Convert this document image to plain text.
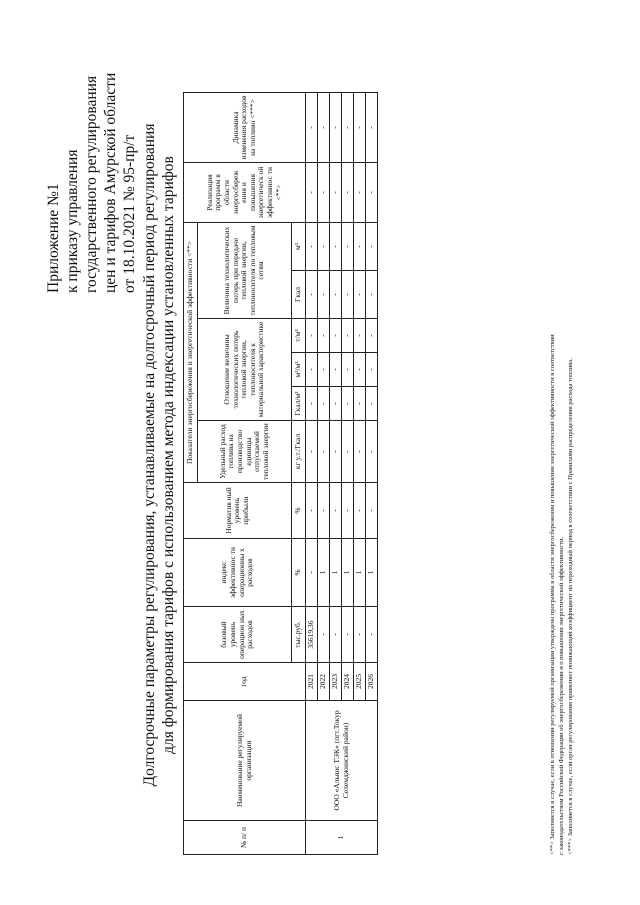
Приложение №1 к приказу управления государственного регулирования цен и тарифов Амурской области от 18.10.2021 № 95-пр/т Долгосрочные параметры регулирования, устанавливаемые на долгосрочный период регулирования для формирования тарифов с использованием метода индексации установленных тарифов
№ п/ п	Наименование регулируемой организации	год	базовый уровень операцион ных расходов	индекс эффективнос ти операционны х расходов	Норматив ный уровень прибыли	Показатели энергосбережения и энергетической эффективности <**>						Реализация программ в области энергосбереж ения и повышения энергетическ ой эффективнос ти <**>	Динамика изменения расходов на топливо <***>
						Удельный расход топлива на производство единицы отпускаемой тепловой энергии	Отношение величины технологических потерь тепловой энергии, теплоносителя к материальной характеристике			Величина технологических потерь при передаче тепловой энергии, теплоносителя по тепловым сетям			
			тыс.руб.	%	%	кг у.т./Гкал	Гкал/м²	м³/м²	т/м²	Гкал	м³		
1	ООО «Альянс ТЭК» (пгт.Токур Селемджинский район)	2021	35619,36	-	-	-	-	-	-	-	-	-	-
		2022	-	1	-	-	-	-	-	-	-	-	-
		2023	-	1	-	-	-	-	-	-	-	-	-
		2024	-	1	-	-	-	-	-	-	-	-	-
		2025	-	1	-	-	-	-	-	-	-	-	-
		2026	-	1	-	-	-	-	-	-	-	-	-
<**> Заполняется в случае, если в отношении регулируемой организации утверждена программа в области энергосбережения и повышения энергетической эффективности в соответствии с законодательством Российской Федерации об энергосбережении и о повышении энергетической эффективности. <***> Заполняется в случае, если орган регулирования применяет понижающий коэффициент на переходный период в соответствии с Правилами распределения расхода топлива.
